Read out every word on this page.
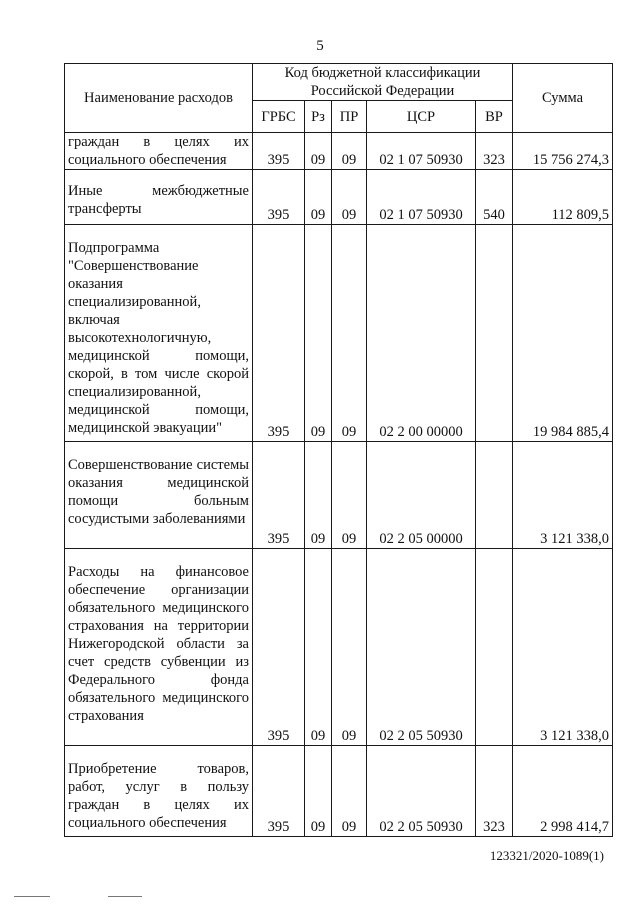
5
Наименование расходов	Код бюджетной классификации Российской Федерации					Сумма
	ГРБС	Рз	ПР	ЦСР	ВР	
граждан в целях их социального обеспечения	395	09	09	02 1 07 50930	323	15 756 274,3
Иные межбюджетные трансферты	395	09	09	02 1 07 50930	540	112 809,5
Подпрограмма "Совершенствование оказания специализированной, включая высокотехнологичную, медицинской помощи, скорой, в том числе скорой специализированной, медицинской помощи, медицинской эвакуации"	395	09	09	02 2 00 00000		19 984 885,4
Совершенствование системы оказания медицинской помощи больным сосудистыми заболеваниями	395	09	09	02 2 05 00000		3 121 338,0
Расходы на финансовое обеспечение организации обязательного медицинского страхования на территории Нижегородской области за счет средств субвенции из Федерального фонда обязательного медицинского страхования	395	09	09	02 2 05 50930		3 121 338,0
Приобретение товаров, работ, услуг в пользу граждан в целях их социального обеспечения	395	09	09	02 2 05 50930	323	2 998 414,7
123321/2020-1089(1)
